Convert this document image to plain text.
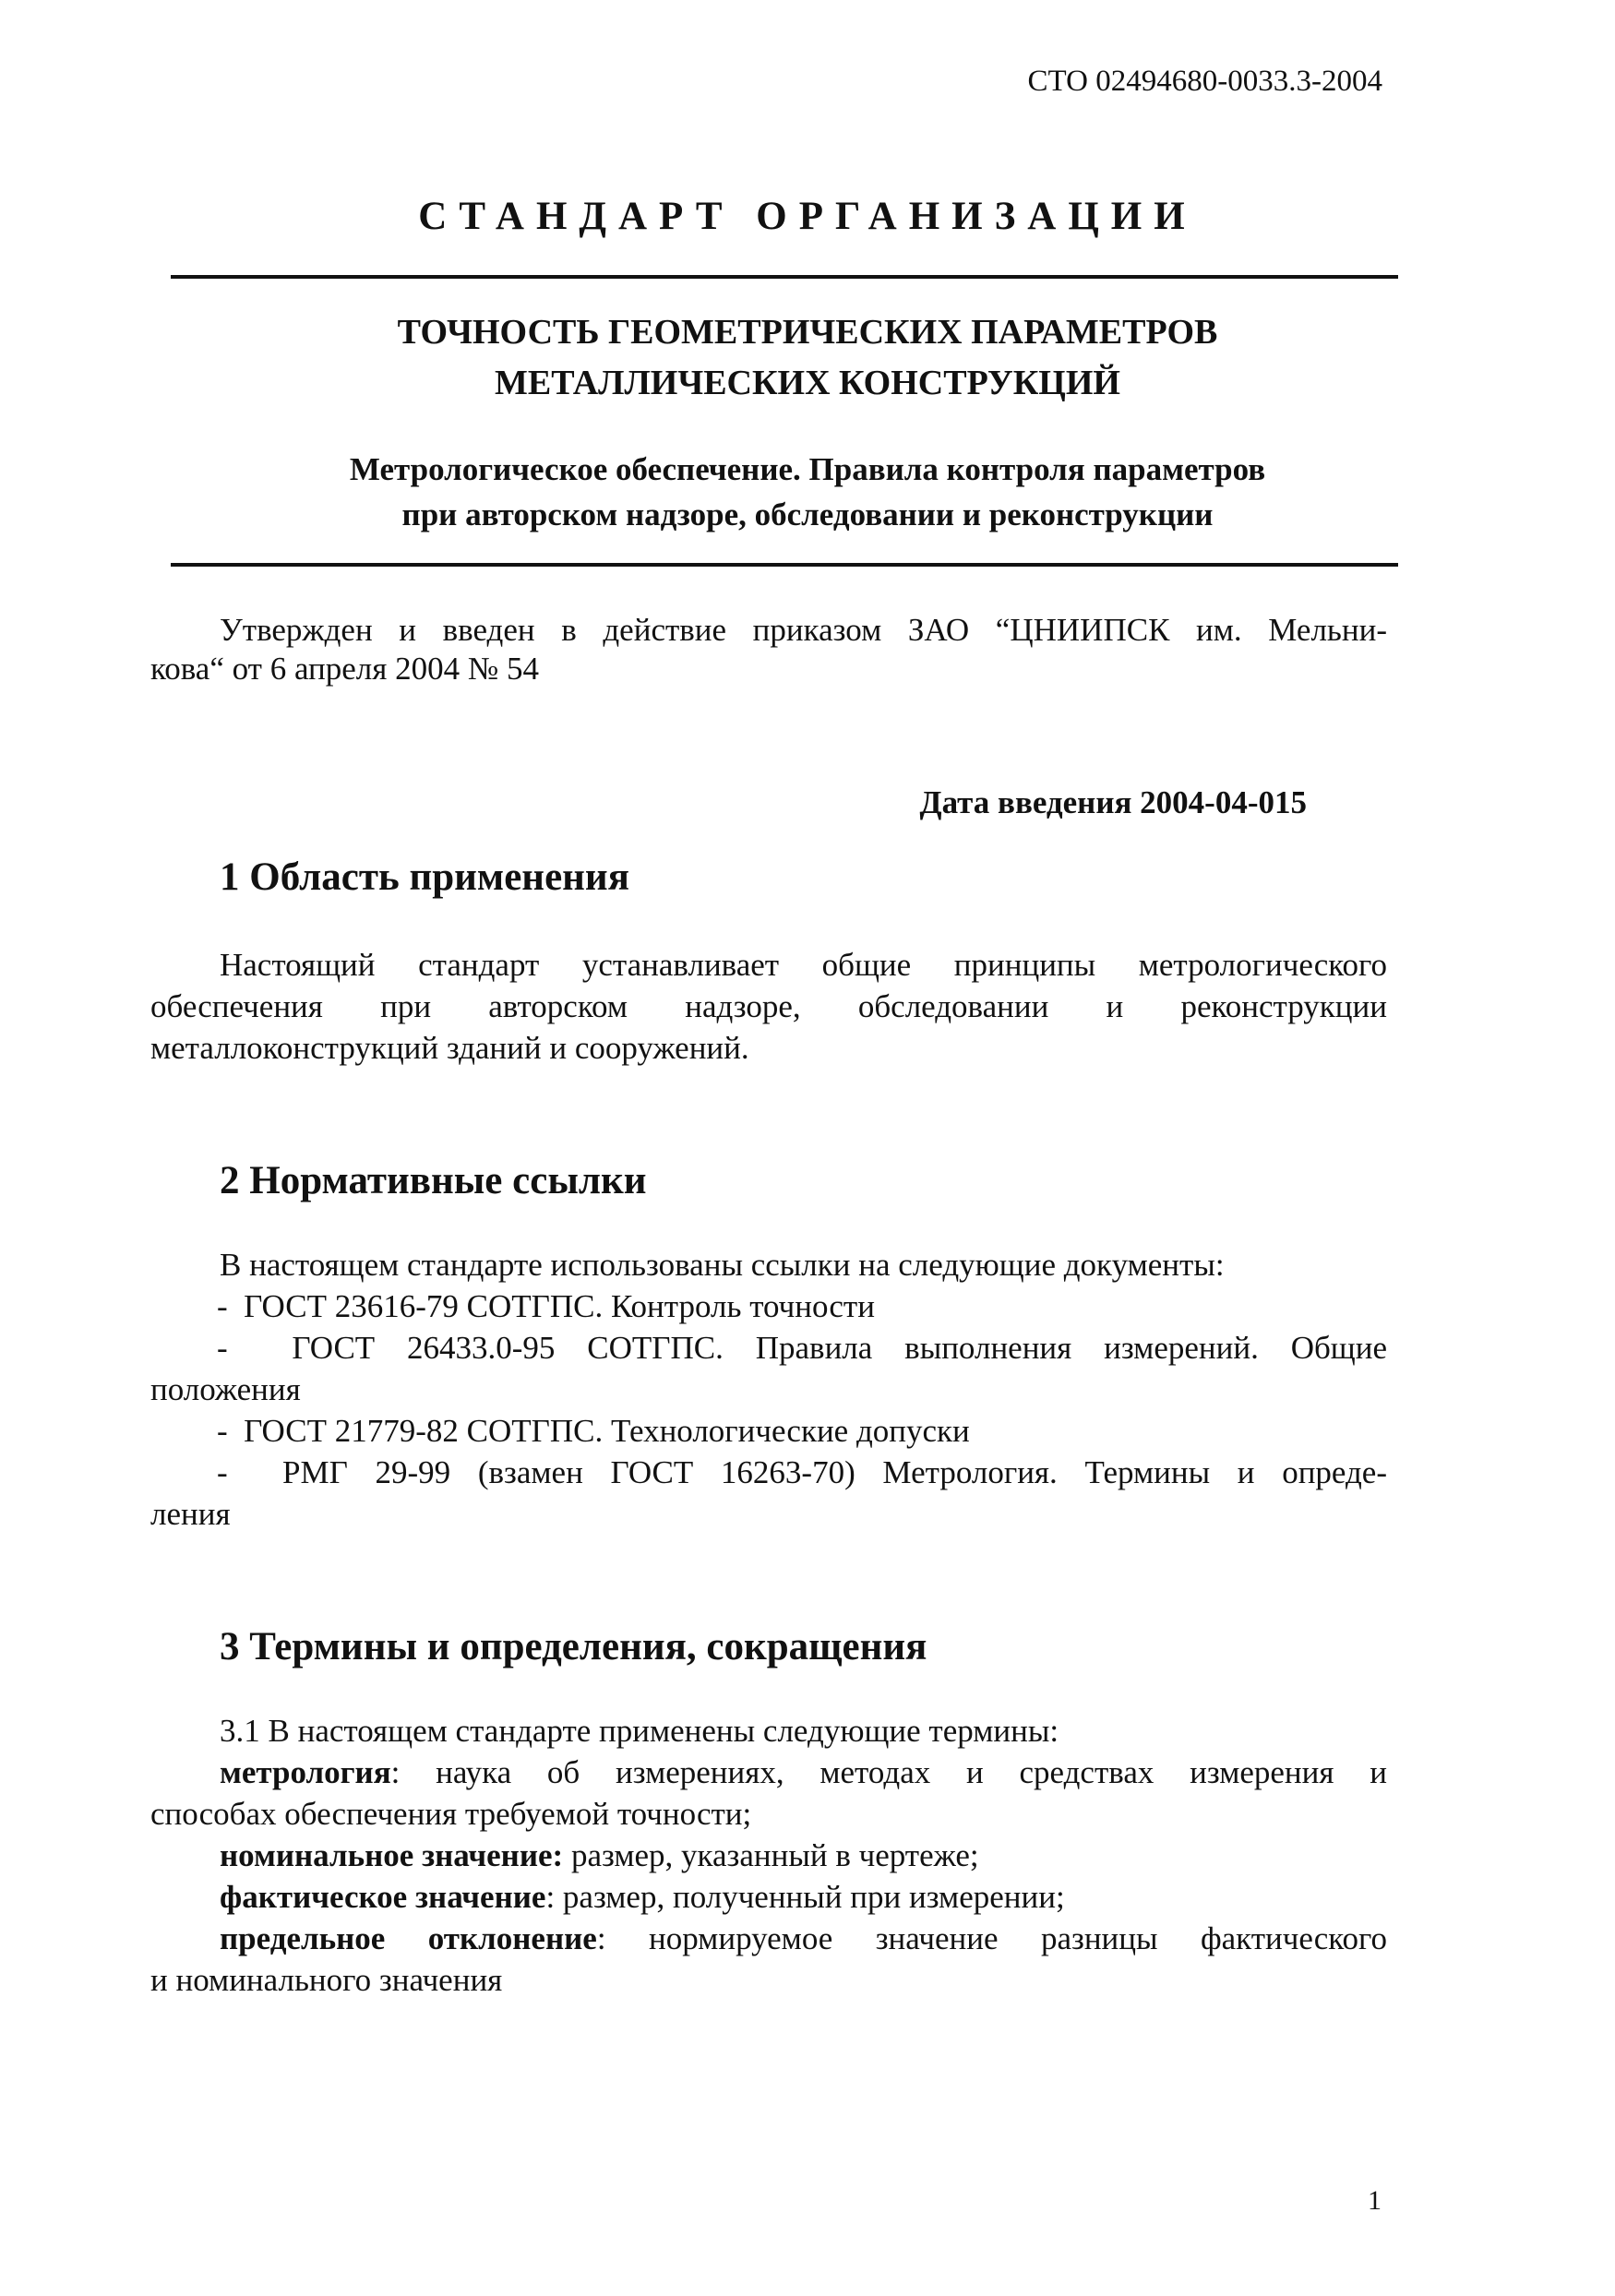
СТО 02494680-0033.3-2004
СТАНДАРТ ОРГАНИЗАЦИИ
ТОЧНОСТЬ ГЕОМЕТРИЧЕСКИХ ПАРАМЕТРОВ
МЕТАЛЛИЧЕСКИХ КОНСТРУКЦИЙ
Метрологическое обеспечение. Правила контроля параметров
при авторском надзоре, обследовании и реконструкции
Утвержден и введен в действие приказом ЗАО “ЦНИИПСК им. Мельни-
кова“ от 6 апреля 2004 № 54
Дата введения 2004-04-015
1 Область применения
Настоящий стандарт устанавливает общие принципы метрологического
обеспечения при авторском надзоре, обследовании и реконструкции
металлоконструкций зданий и сооружений.
2 Нормативные ссылки
В настоящем стандарте использованы ссылки на следующие документы:
- ГОСТ 23616-79 СОТГПС. Контроль точности
- ГОСТ 26433.0-95 СОТГПС. Правила выполнения измерений. Общие
положения
- ГОСТ 21779-82 СОТГПС. Технологические допуски
- РМГ 29-99 (взамен ГОСТ 16263-70) Метрология. Термины и опреде-
ления
3 Термины и определения, сокращения
3.1 В настоящем стандарте применены следующие термины:
метрология: наука об измерениях, методах и средствах измерения и
способах обеспечения требуемой точности;
номинальное значение: размер, указанный в чертеже;
фактическое значение: размер, полученный при измерении;
предельное отклонение: нормируемое значение разницы фактического
и номинального значения
1
